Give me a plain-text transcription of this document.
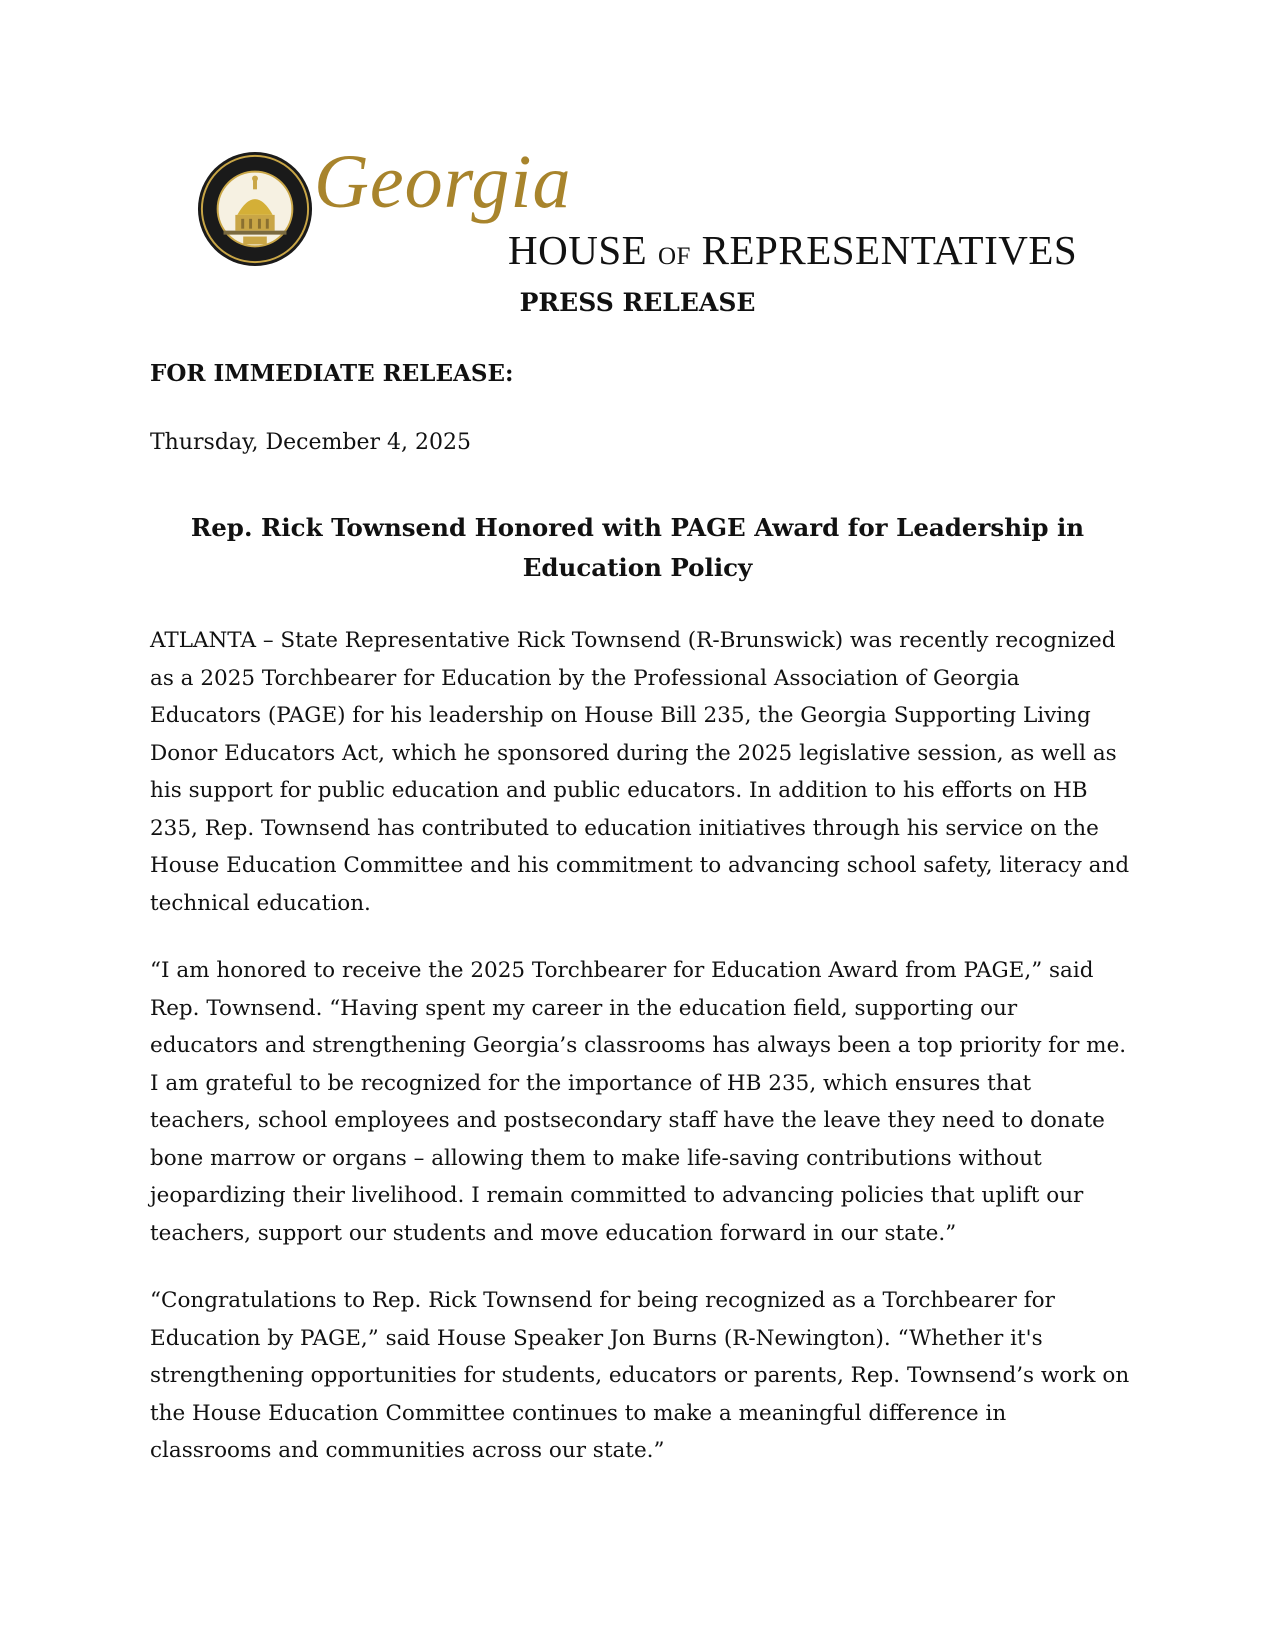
Georgia
HOUSE OF REPRESENTATIVES
PRESS RELEASE

FOR IMMEDIATE RELEASE:

Thursday, December 4, 2025

Rep. Rick Townsend Honored with PAGE Award for Leadership in Education Policy

ATLANTA – State Representative Rick Townsend (R-Brunswick) was recently recognized as a 2025 Torchbearer for Education by the Professional Association of Georgia Educators (PAGE) for his leadership on House Bill 235, the Georgia Supporting Living Donor Educators Act, which he sponsored during the 2025 legislative session, as well as his support for public education and public educators. In addition to his efforts on HB 235, Rep. Townsend has contributed to education initiatives through his service on the House Education Committee and his commitment to advancing school safety, literacy and technical education.

“I am honored to receive the 2025 Torchbearer for Education Award from PAGE,” said Rep. Townsend. “Having spent my career in the education field, supporting our educators and strengthening Georgia’s classrooms has always been a top priority for me. I am grateful to be recognized for the importance of HB 235, which ensures that teachers, school employees and postsecondary staff have the leave they need to donate bone marrow or organs – allowing them to make life-saving contributions without jeopardizing their livelihood. I remain committed to advancing policies that uplift our teachers, support our students and move education forward in our state.”

“Congratulations to Rep. Rick Townsend for being recognized as a Torchbearer for Education by PAGE,” said House Speaker Jon Burns (R-Newington). “Whether it's strengthening opportunities for students, educators or parents, Rep. Townsend’s work on the House Education Committee continues to make a meaningful difference in classrooms and communities across our state.”
